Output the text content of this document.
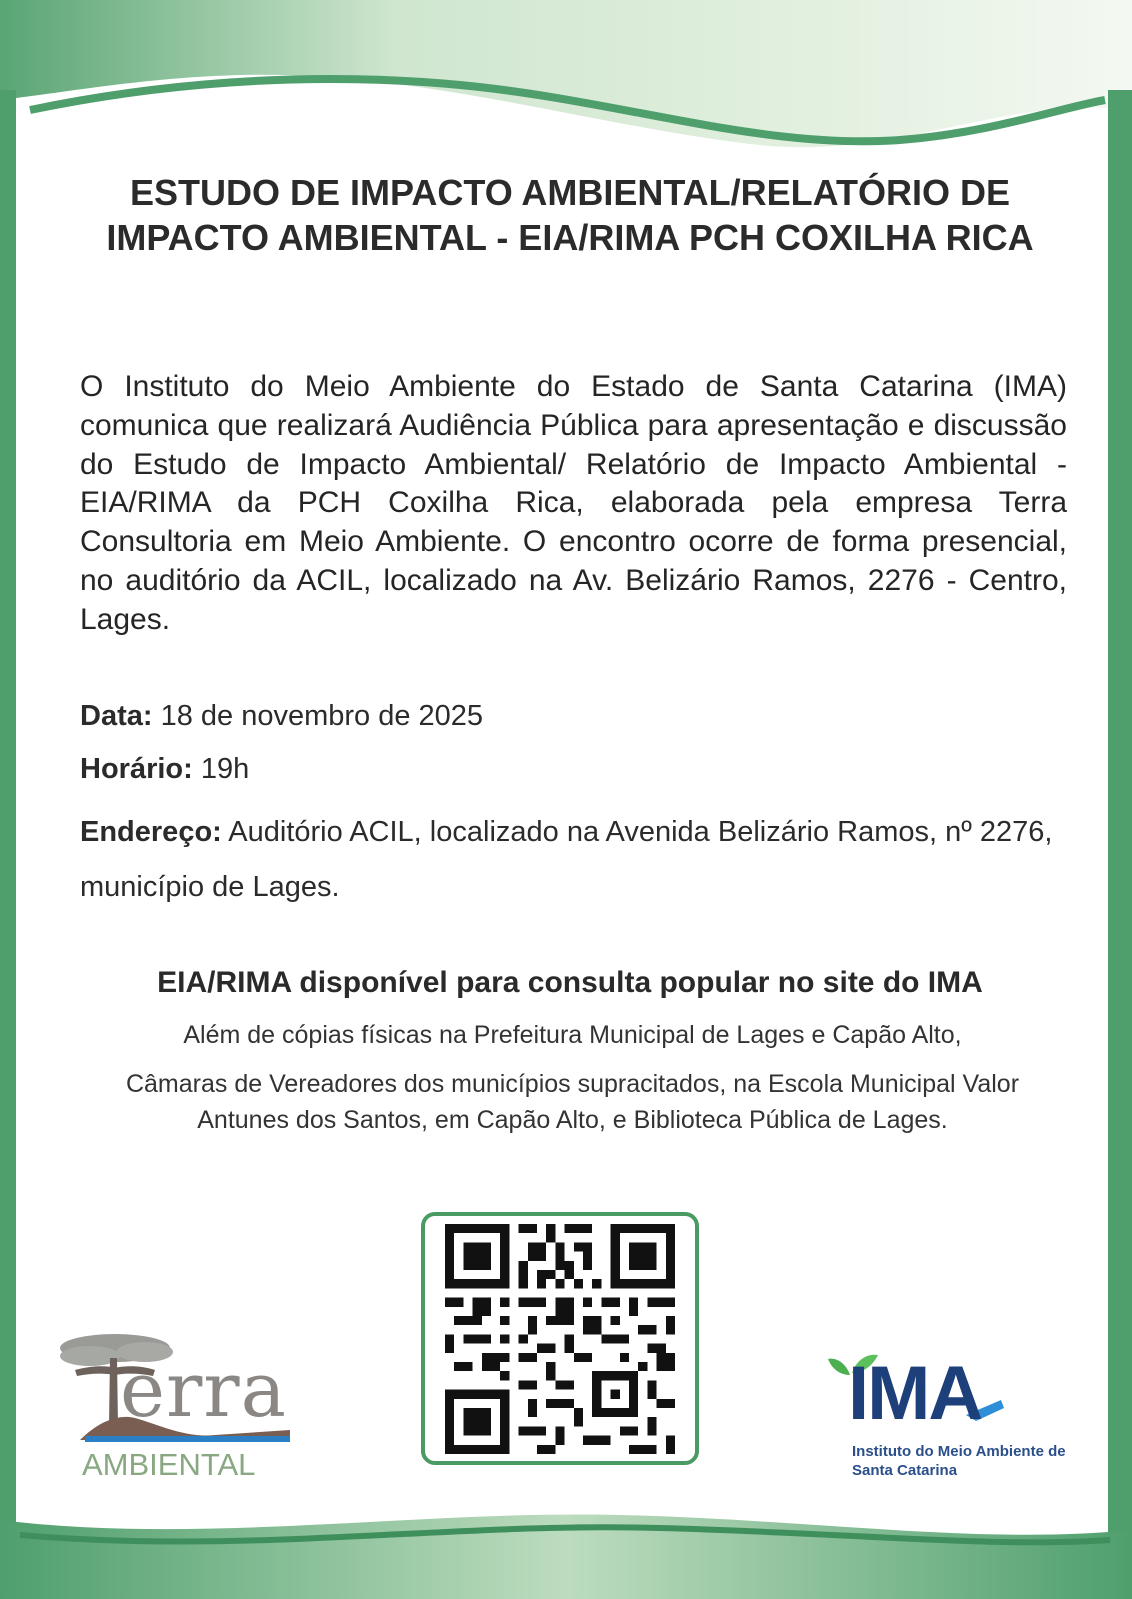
ESTUDO DE IMPACTO AMBIENTAL/RELATÓRIO DE IMPACTO AMBIENTAL - EIA/RIMA PCH COXILHA RICA

O Instituto do Meio Ambiente do Estado de Santa Catarina (IMA) comunica que realizará Audiência Pública para apresentação e discussão do Estudo de Impacto Ambiental/ Relatório de Impacto Ambiental - EIA/RIMA da PCH Coxilha Rica, elaborada pela empresa Terra Consultoria em Meio Ambiente. O encontro ocorre de forma presencial, no auditório da ACIL, localizado na Av. Belizário Ramos, 2276 - Centro, Lages.

Data: 18 de novembro de 2025

Horário: 19h

Endereço: Auditório ACIL, localizado na Avenida Belizário Ramos, nº 2276, município de Lages.

EIA/RIMA disponível para consulta popular no site do IMA

Além de cópias físicas na Prefeitura Municipal de Lages e Capão Alto,

Câmaras de Vereadores dos municípios supracitados, na Escola Municipal Valor Antunes dos Santos, em Capão Alto, e Biblioteca Pública de Lages.

erra

AMBIENTAL

IMA

Instituto do Meio Ambiente de Santa Catarina
